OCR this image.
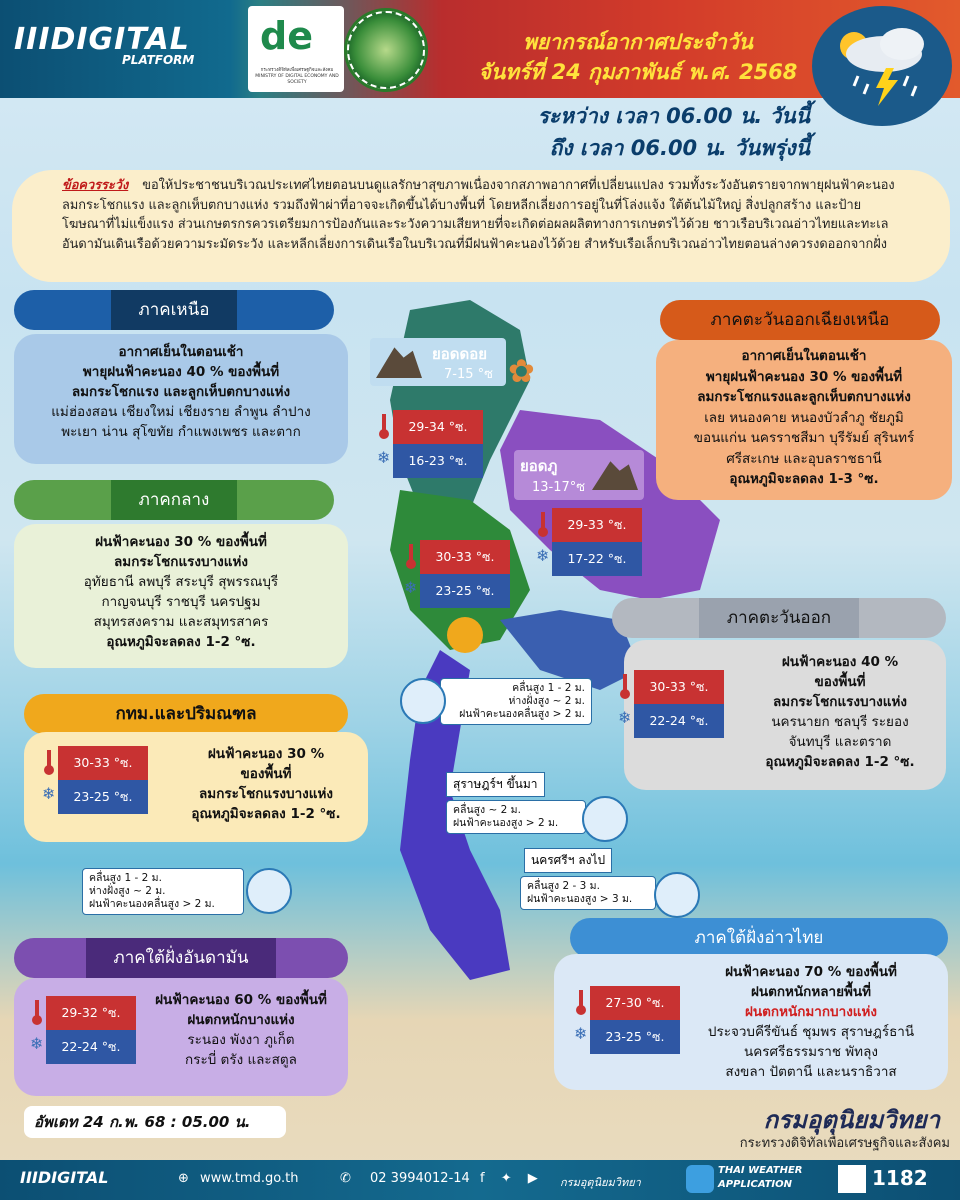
IIIDIGITAL
PLATFORM
de
กระทรวงดิจิทัลเพื่อเศรษฐกิจและสังคม MINISTRY OF DIGITAL ECONOMY AND SOCIETY
พยากรณ์อากาศประจำวัน
จันทร์ที่ 24 กุมภาพันธ์ พ.ศ. 2568
ระหว่าง เวลา 06.00 น. วันนี้
ถึง เวลา 06.00 น. วันพรุ่งนี้
ข้อควรระวัง ขอให้ประชาชนบริเวณประเทศไทยตอนบนดูแลรักษาสุขภาพเนื่องจากสภาพอากาศที่เปลี่ยนแปลง รวมทั้งระวังอันตรายจากพายุฝนฟ้าคะนอง ลมกระโชกแรง และลูกเห็บตกบางแห่ง รวมถึงฟ้าผ่าที่อาจจะเกิดขึ้นได้บางพื้นที่ โดยหลีกเลี่ยงการอยู่ในที่โล่งแจ้ง ใต้ต้นไม้ใหญ่ สิ่งปลูกสร้าง และป้ายโฆษณาที่ไม่แข็งแรง ส่วนเกษตรกรควรเตรียมการป้องกันและระวังความเสียหายที่จะเกิดต่อผลผลิตทางการเกษตรไว้ด้วย ชาวเรือบริเวณอ่าวไทยและทะเลอันดามันเดินเรือด้วยความระมัดระวัง และหลีกเลี่ยงการเดินเรือในบริเวณที่มีฝนฟ้าคะนองไว้ด้วย สำหรับเรือเล็กบริเวณอ่าวไทยตอนล่างควรงดออกจากฝั่ง
ภาคเหนือ
อากาศเย็นในตอนเช้า
พายุฝนฟ้าคะนอง 40 % ของพื้นที่
ลมกระโชกแรง และลูกเห็บตกบางแห่ง
แม่ฮ่องสอน เชียงใหม่ เชียงราย ลำพูน ลำปาง
พะเยา น่าน สุโขทัย กำแพงเพชร และตาก	29-34 °ซ.
❄	16-23 °ซ.
ยอดดอย
7-15 °ซ ✿
ภาคตะวันออกเฉียงเหนือ
อากาศเย็นในตอนเช้า
พายุฝนฟ้าคะนอง 30 % ของพื้นที่
ลมกระโชกแรงและลูกเห็บตกบางแห่ง
เลย หนองคาย หนองบัวลำภู ชัยภูมิ
ขอนแก่น นครราชสีมา บุรีรัมย์ สุรินทร์
ศรีสะเกษ และอุบลราชธานี
อุณหภูมิจะลดลง 1-3 °ซ.
29-33 °ซ.
❄	17-22 °ซ.
ยอดภู
13-17°ซ
ภาคกลาง
ฝนฟ้าคะนอง 30 % ของพื้นที่
ลมกระโชกแรงบางแห่ง
อุทัยธานี ลพบุรี สระบุรี สุพรรณบุรี
กาญจนบุรี ราชบุรี นครปฐม
สมุทรสงคราม และสมุทรสาคร
อุณหภูมิจะลดลง 1-2 °ซ.
30-33 °ซ.
❄	23-25 °ซ.
ภาคตะวันออก
ฝนฟ้าคะนอง 40 %
ของพื้นที่
ลมกระโชกแรงบางแห่ง
นครนายก ชลบุรี ระยอง
จันทบุรี และตราด
อุณหภูมิจะลดลง 1-2 °ซ.
30-33 °ซ.
❄	22-24 °ซ.
คลื่นสูง 1 - 2 ม.
ห่างฝั่งสูง ~ 2 ม.
ฝนฟ้าคะนองคลื่นสูง > 2 ม.
กทม.และปริมณฑล
ฝนฟ้าคะนอง 30 %
ของพื้นที่
ลมกระโชกแรงบางแห่ง
อุณหภูมิจะลดลง 1-2 °ซ.
30-33 °ซ.
❄	23-25 °ซ.
สุราษฎร์ฯ ขึ้นมา
คลื่นสูง ~ 2 ม.
ฝนฟ้าคะนองสูง > 2 ม.
นครศรีฯ ลงไป
คลื่นสูง 2 - 3 ม.
ฝนฟ้าคะนองสูง > 3 ม.
คลื่นสูง 1 - 2 ม.
ห่างฝั่งสูง ~ 2 ม.
ฝนฟ้าคะนองคลื่นสูง > 2 ม.
ภาคใต้ฝั่งอันดามัน
ฝนฟ้าคะนอง 60 % ของพื้นที่
ฝนตกหนักบางแห่ง
ระนอง พังงา ภูเก็ต
กระบี่ ตรัง และสตูล
29-32 °ซ.
❄	22-24 °ซ.
ภาคใต้ฝั่งอ่าวไทย
ฝนฟ้าคะนอง 70 % ของพื้นที่
ฝนตกหนักหลายพื้นที่
ฝนตกหนักมากบางแห่ง
ประจวบคีรีขันธ์ ชุมพร สุราษฎร์ธานี
นครศรีธรรมราช พัทลุง
สงขลา ปัตตานี และนราธิวาส
27-30 °ซ.
❄	23-25 °ซ.
อัพเดท 24 ก.พ. 68 : 05.00 น.	กรมอุตุนิยมวิทยา
กระทรวงดิจิทัลเพื่อเศรษฐกิจและสังคม
IIIDIGITAL	⊕ www.tmd.go.th	✆ 02 3994012-14 f ✦ ▶ กรมอุตุนิยมวิทยา
THAI WEATHER
APPLICATION	1182
